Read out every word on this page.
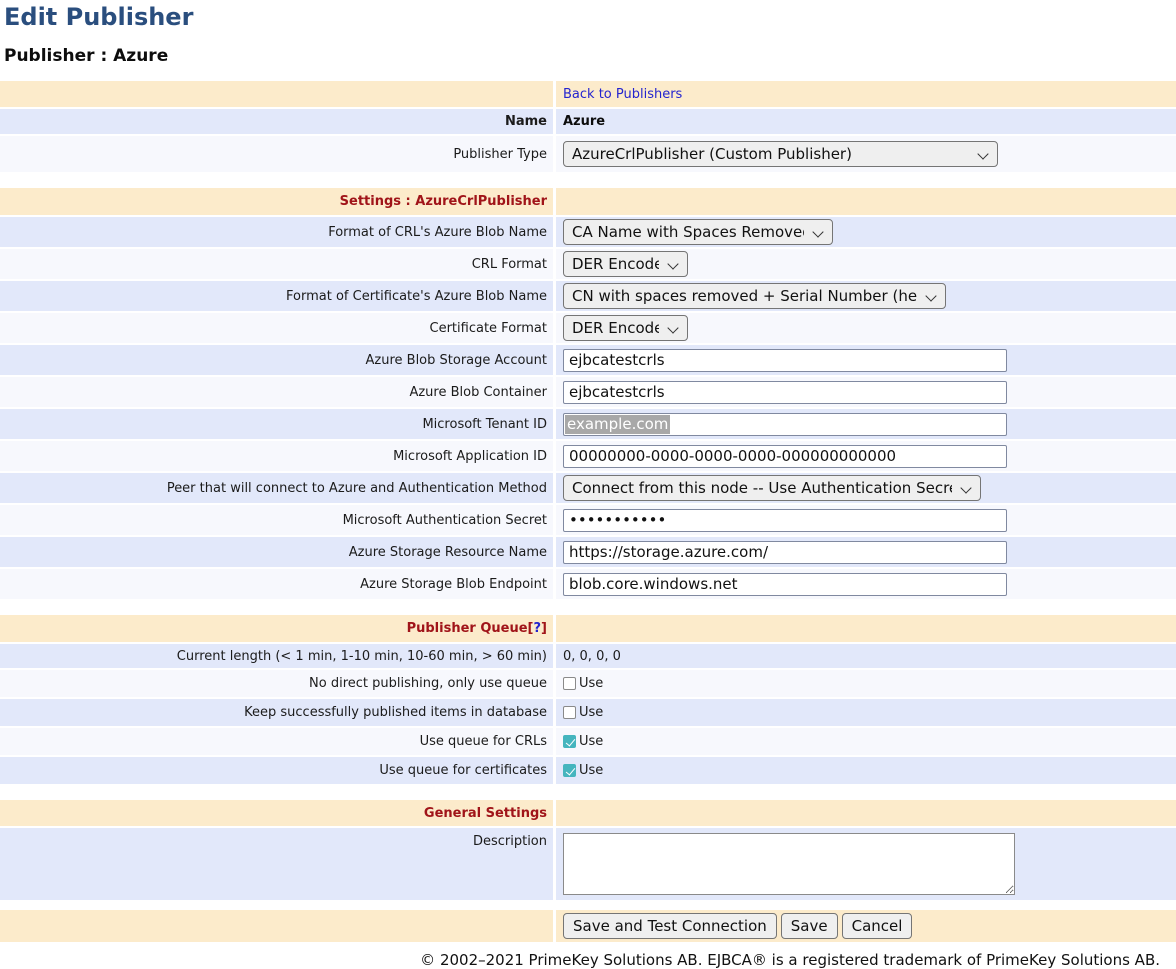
Edit Publisher
Publisher : Azure
Back to Publishers
Name Azure
Publisher Type
AzureCrlPublisher (Custom Publisher)
Settings : AzureCrlPublisher
Format of CRL's Azure Blob Name
CA Name with Spaces Removed
CRL Format
DER Encoded
Format of Certificate's Azure Blob Name
CN with spaces removed + Serial Number (hex)
Certificate Format
DER Encoded
Azure Blob Storage Account
ejbcatestcrls
Azure Blob Container
ejbcatestcrls
Microsoft Tenant ID example.com
Microsoft Application ID
00000000-0000-0000-0000-000000000000
Peer that will connect to Azure and Authentication Method
Connect from this node -- Use Authentication Secret
Microsoft Authentication Secret
•••••••••••
Azure Storage Resource Name
https://storage.azure.com/
Azure Storage Blob Endpoint
blob.core.windows.net
Publisher Queue [ ? ]
Current length (< 1 min, 1-10 min, 10-60 min, > 60 min) 0, 0, 0, 0
No direct publishing, only use queue Use
Keep successfully published items in database Use
Use queue for CRLs Use
Use queue for certificates Use
General Settings
Description
Save and Test Connection	Save	Cancel
© 2002–2021 PrimeKey Solutions AB. EJBCA® is a registered trademark of PrimeKey Solutions AB.
